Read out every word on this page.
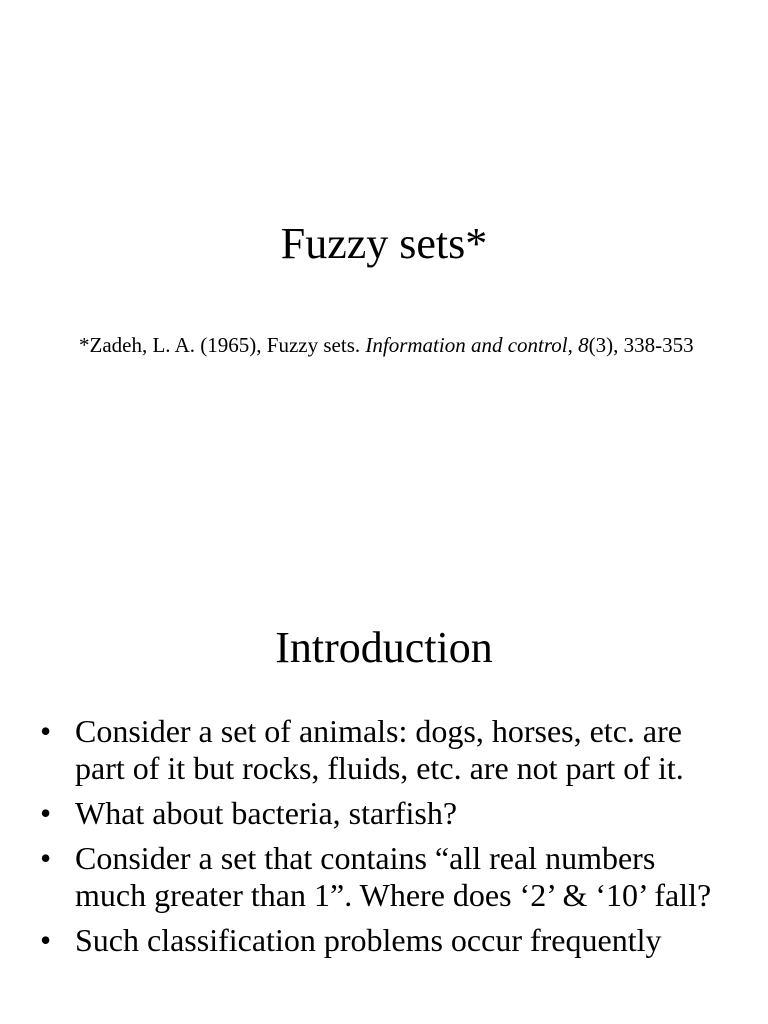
Fuzzy sets*

*Zadeh, L. A. (1965), Fuzzy sets. Information and control, 8(3), 338-353

Introduction
• Consider a set of animals: dogs, horses, etc. are part of it but rocks, fluids, etc. are not part of it.
• What about bacteria, starfish?
• Consider a set that contains “all real numbers much greater than 1”. Where does ‘2’ & ‘10’ fall?
• Such classification problems occur frequently
